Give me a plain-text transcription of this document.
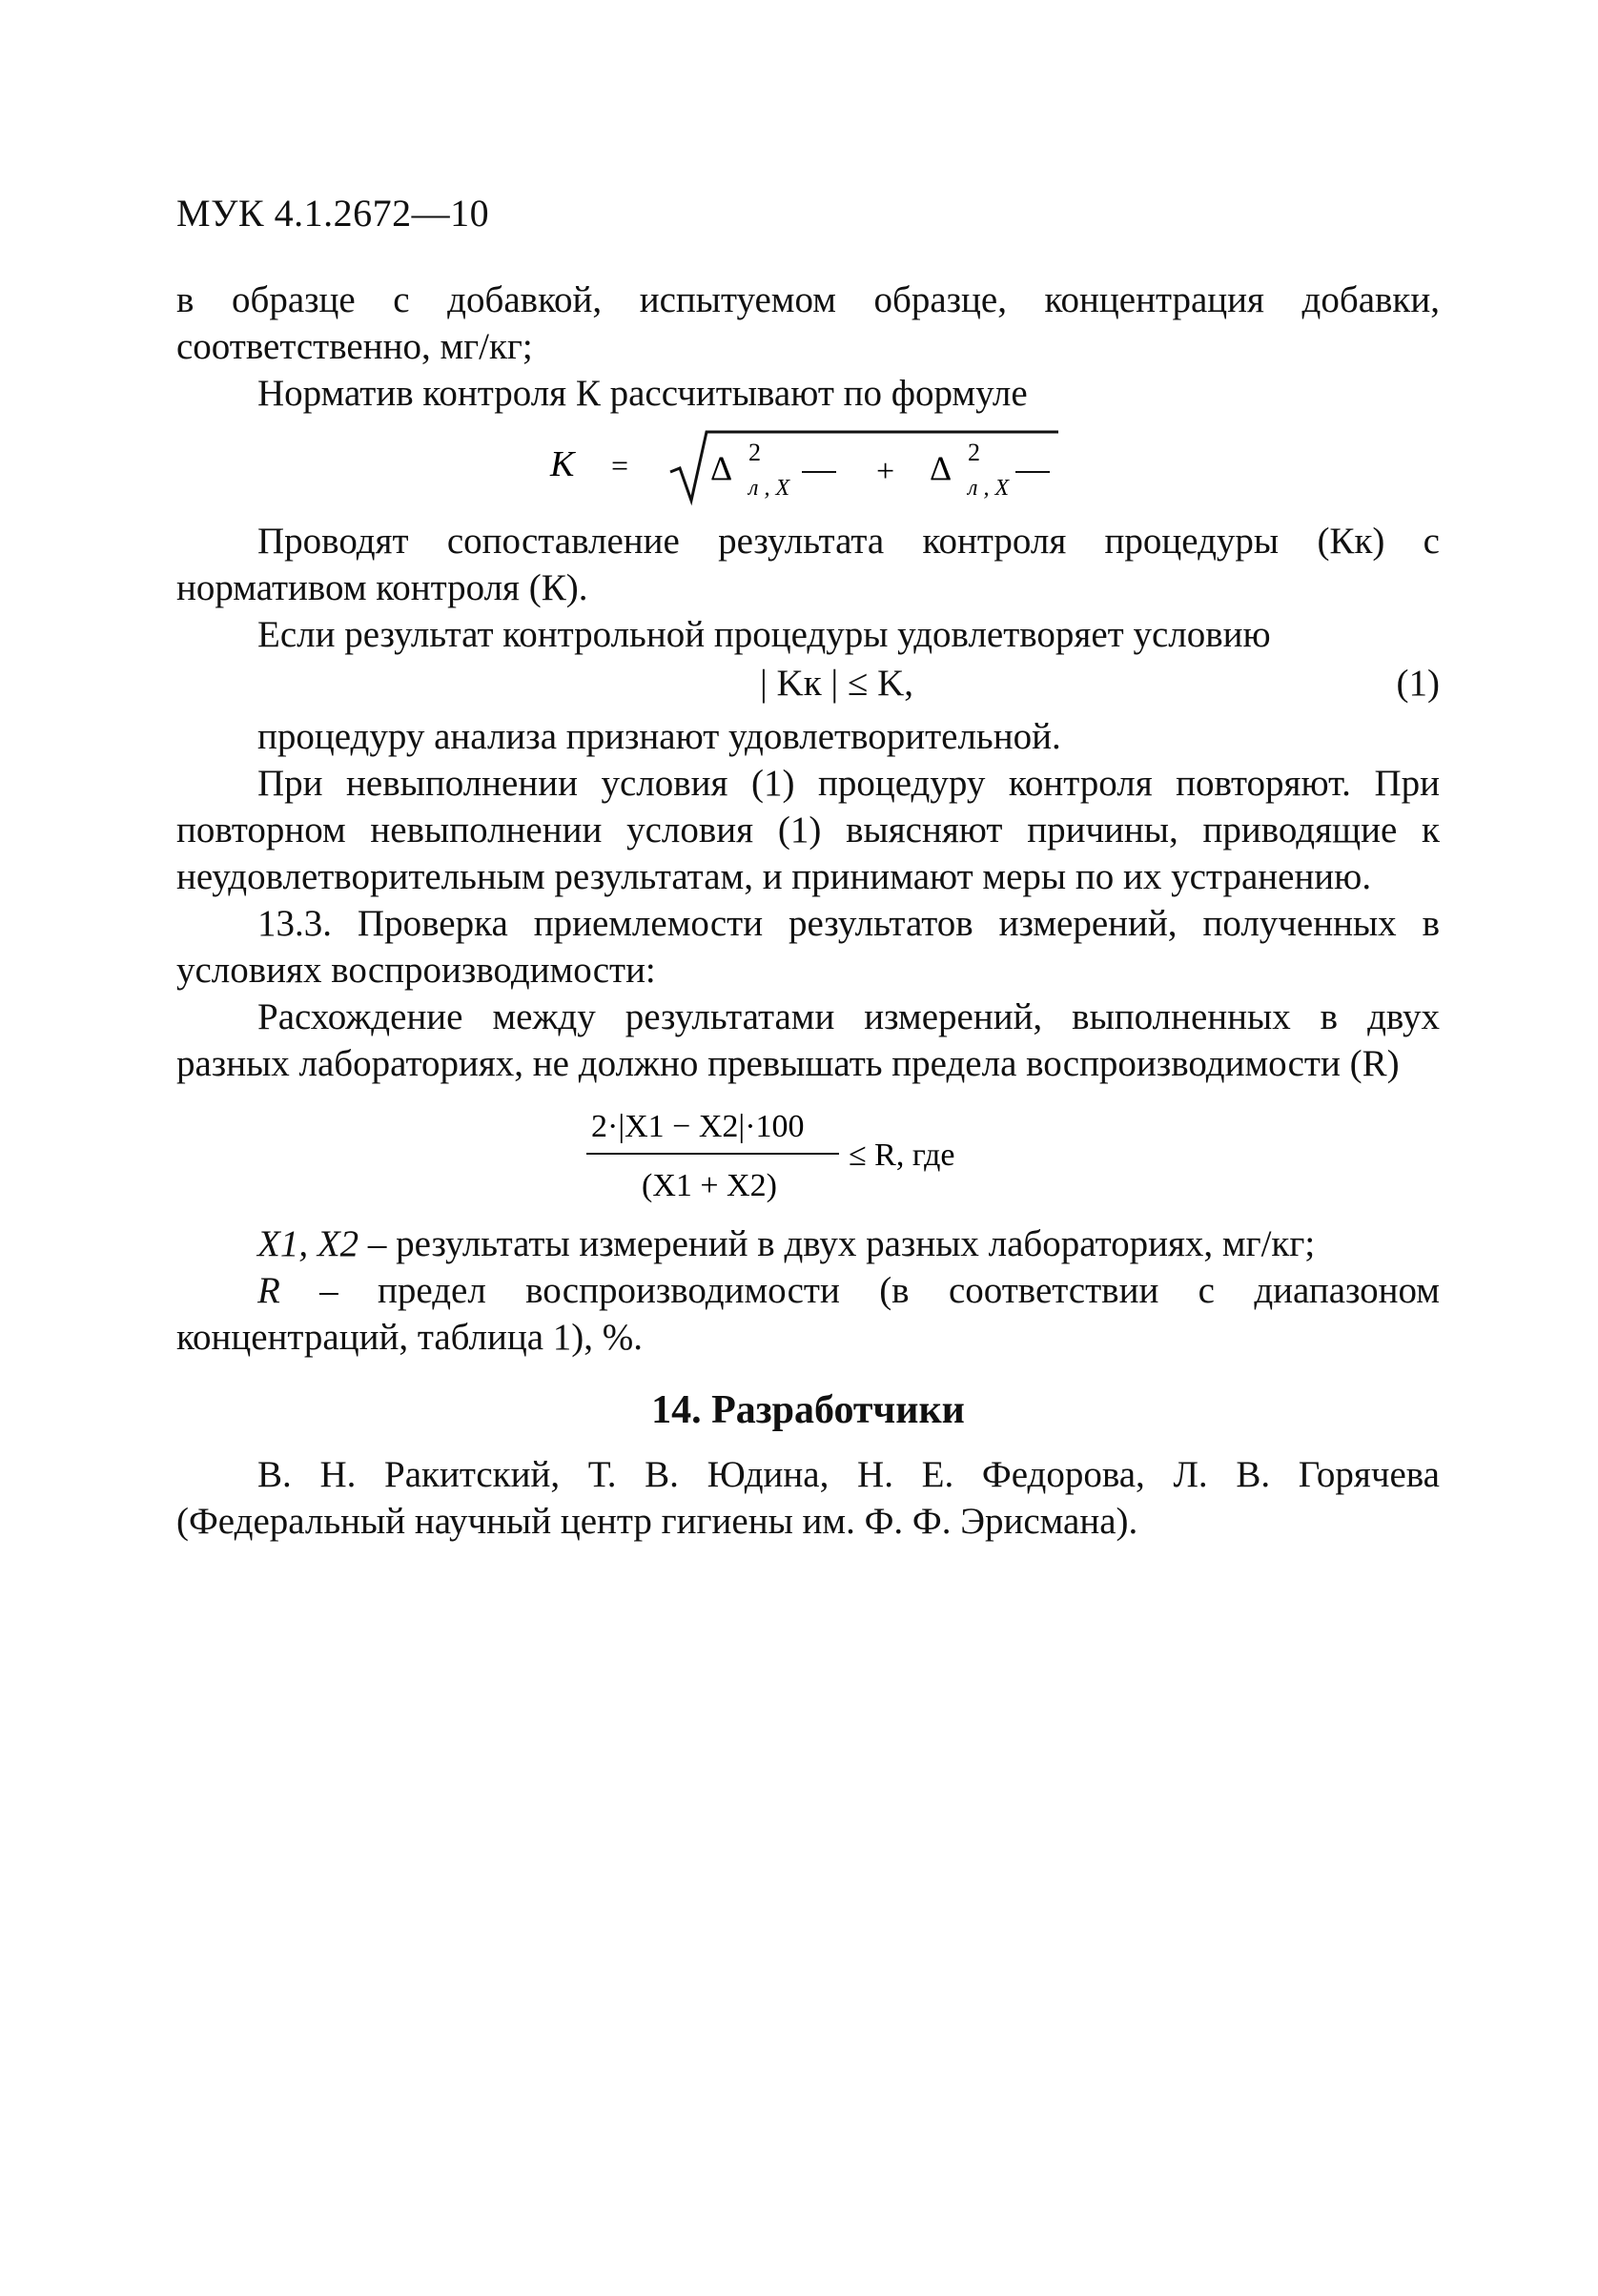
МУК 4.1.2672—10

в образце с добавкой, испытуемом образце, концентрация добавки, соответственно, мг/кг;

Норматив контроля К рассчитывают по формуле

K = Δ 2
л , X	+ Δ 2
л , X

Проводят сопоставление результата контроля процедуры (Кк) с нормативом контроля (К).

Если результат контрольной процедуры удовлетворяет условию

| Kк | ≤ K,	(1)

процедуру анализа признают удовлетворительной.

При невыполнении условия (1) процедуру контроля повторяют. При повторном невыполнении условия (1) выясняют причины, приводящие к неудовлетворительным результатам, и принимают меры по их устранению.

13.3. Проверка приемлемости результатов измерений, полученных в условиях воспроизводимости:

Расхождение между результатами измерений, выполненных в двух разных лабораториях, не должно превышать предела воспроизводимости (R)

2·|X1 − X2|·100
(X1 + X2)
≤ R, где

X1, X2 – результаты измерений в двух разных лабораториях, мг/кг;

R – предел воспроизводимости (в соответствии с диапазоном концентраций, таблица 1), %.

14. Разработчики

В. Н. Ракитский, Т. В. Юдина, Н. Е. Федорова, Л. В. Горячева (Федеральный научный центр гигиены им. Ф. Ф. Эрисмана).
